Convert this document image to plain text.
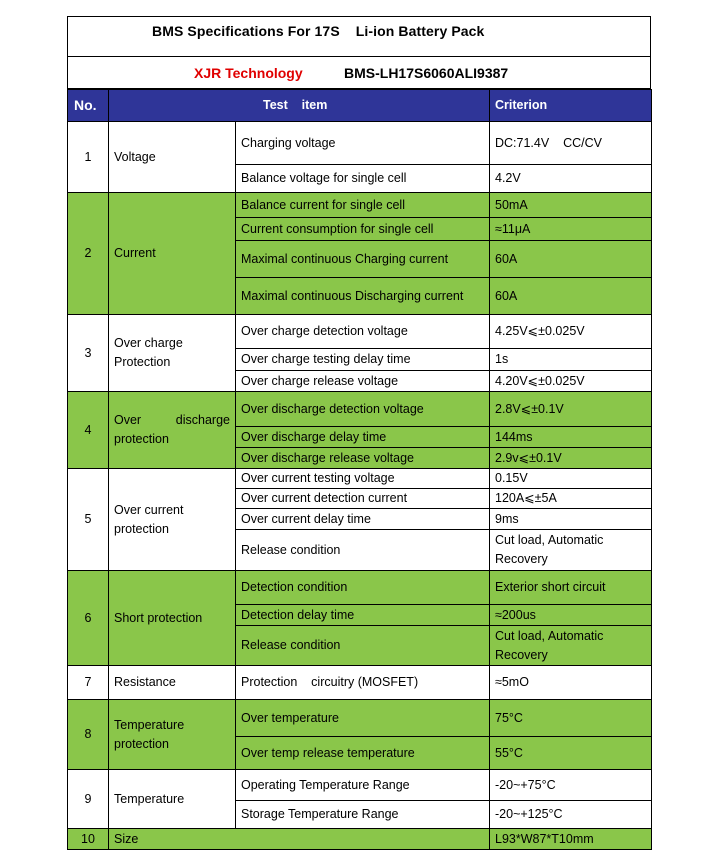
BMS Specifications For 17S    Li-ion Battery Pack
XJR Technology	BMS-LH17S6060ALI9387
No.	Test    item		Criterion
1	Voltage	Charging voltage	DC:71.4V    CC/CV
		Balance voltage for single cell	4.2V
2	Current	Balance current for single cell	50mA
		Current consumption for single cell	≈11μA
		Maximal continuous Charging current	60A
		Maximal continuous Discharging current	60A
3	Over charge Protection	Over charge detection voltage	4.25V⩽±0.025V
		Over charge testing delay time	1s
		Over charge release voltage	4.20V⩽±0.025V
4	Over discharge protection	Over discharge detection voltage	2.8V⩽±0.1V
		Over discharge delay time	144ms
		Over discharge release voltage	2.9v⩽±0.1V
5	Over current protection	Over current testing voltage	0.15V
		Over current detection current	120A⩽±5A
		Over current delay time	9ms
		Release condition	Cut load, Automatic Recovery
6	Short protection	Detection condition	Exterior short circuit
		Detection delay time	≈200us
		Release condition	Cut load, Automatic Recovery
7	Resistance	Protection    circuitry (MOSFET)	≈5mO
8	Temperature protection	Over temperature	75°C
		Over temp release temperature	55°C
9	Temperature	Operating Temperature Range	-20~+75°C
		Storage Temperature Range	-20~+125°C
10	Size		L93*W87*T10mm
